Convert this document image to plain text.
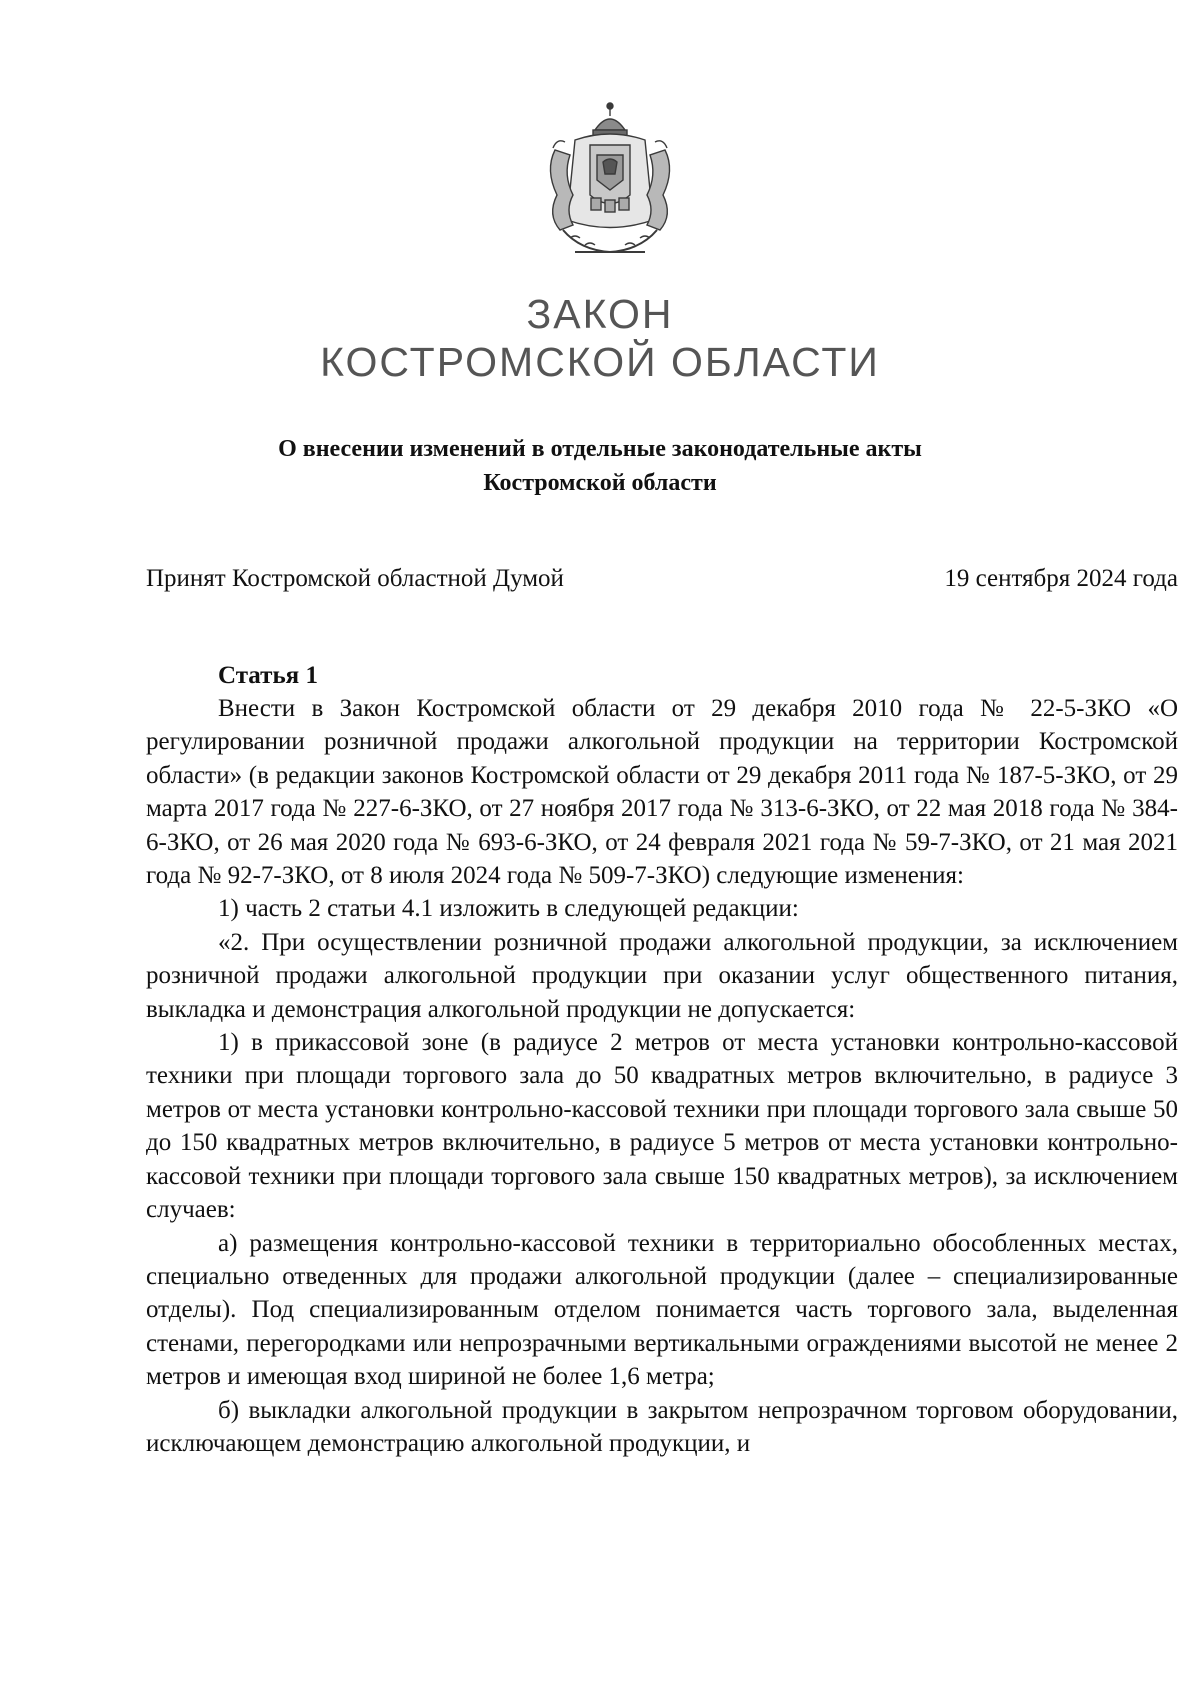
ЗАКОН
КОСТРОМСКОЙ ОБЛАСТИ
О внесении изменений в отдельные законодательные акты
Костромской области
Принят Костромской областной Думой	19 сентября 2024 года
Статья 1

Внести в Закон Костромской области от 29 декабря 2010 года № 22-5-ЗКО «О регулировании розничной продажи алкогольной продукции на территории Костромской области» (в редакции законов Костромской области от 29 декабря 2011 года № 187-5-ЗКО, от 29 марта 2017 года № 227-6-ЗКО, от 27 ноября 2017 года № 313-6-ЗКО, от 22 мая 2018 года № 384-6-ЗКО, от 26 мая 2020 года № 693-6-ЗКО, от 24 февраля 2021 года № 59-7-ЗКО, от 21 мая 2021 года № 92-7-ЗКО, от 8 июля 2024 года № 509-7-ЗКО) следующие изменения:

1) часть 2 статьи 4.1 изложить в следующей редакции:

«2. При осуществлении розничной продажи алкогольной продукции, за исключением розничной продажи алкогольной продукции при оказании услуг общественного питания, выкладка и демонстрация алкогольной продукции не допускается:

1) в прикассовой зоне (в радиусе 2 метров от места установки контрольно-кассовой техники при площади торгового зала до 50 квадратных метров включительно, в радиусе 3 метров от места установки контрольно-кассовой техники при площади торгового зала свыше 50 до 150 квадратных метров включительно, в радиусе 5 метров от места установки контрольно-кассовой техники при площади торгового зала свыше 150 квадратных метров), за исключением случаев:

а) размещения контрольно-кассовой техники в территориально обособленных местах, специально отведенных для продажи алкогольной продукции (далее – специализированные отделы). Под специализированным отделом понимается часть торгового зала, выделенная стенами, перегородками или непрозрачными вертикальными ограждениями высотой не менее 2 метров и имеющая вход шириной не более 1,6 метра;

б) выкладки алкогольной продукции в закрытом непрозрачном торговом оборудовании, исключающем демонстрацию алкогольной продукции, и
